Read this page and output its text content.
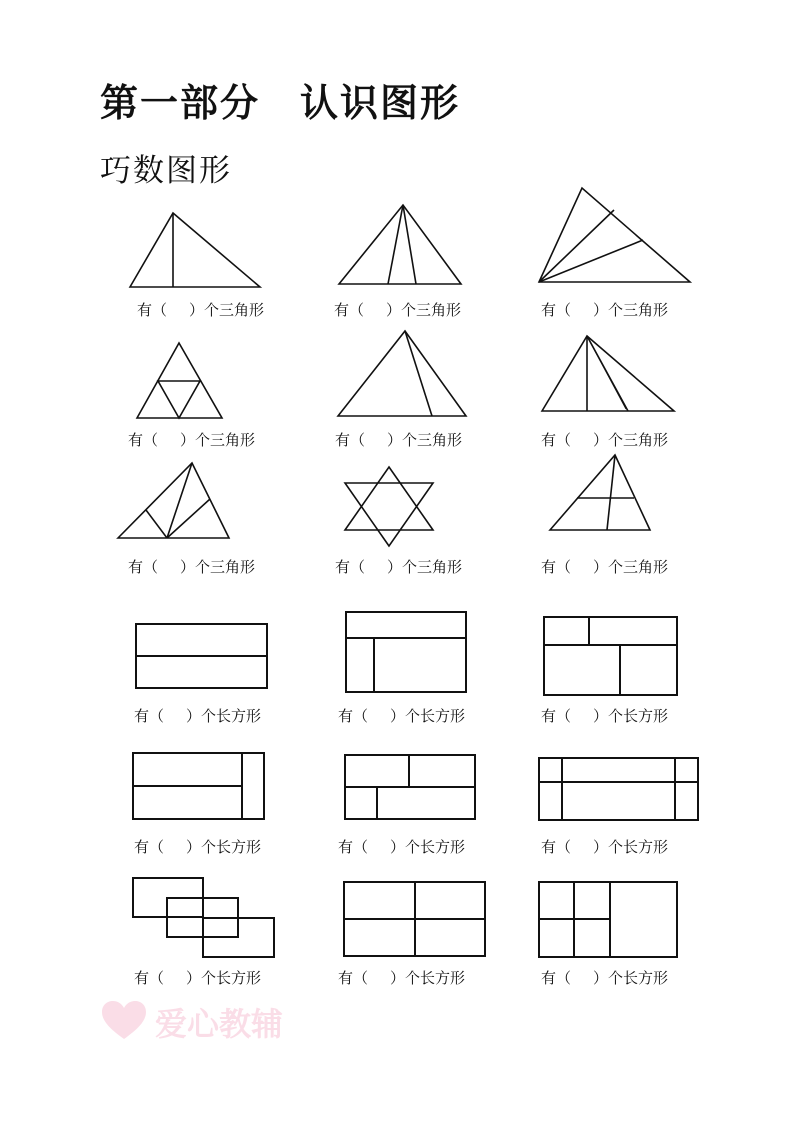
第一部分　认识图形
巧数图形
有（ ）个三角形	有（ ）个三角形	有（ ）个三角形
有（ ）个三角形	有（ ）个三角形	有（ ）个三角形
有（ ）个三角形	有（ ）个三角形	有（ ）个三角形
有（ ）个长方形	有（ ）个长方形	有（ ）个长方形
有（ ）个长方形	有（ ）个长方形	有（ ）个长方形
有（ ）个长方形	有（ ）个长方形	有（ ）个长方形
爱心教辅
